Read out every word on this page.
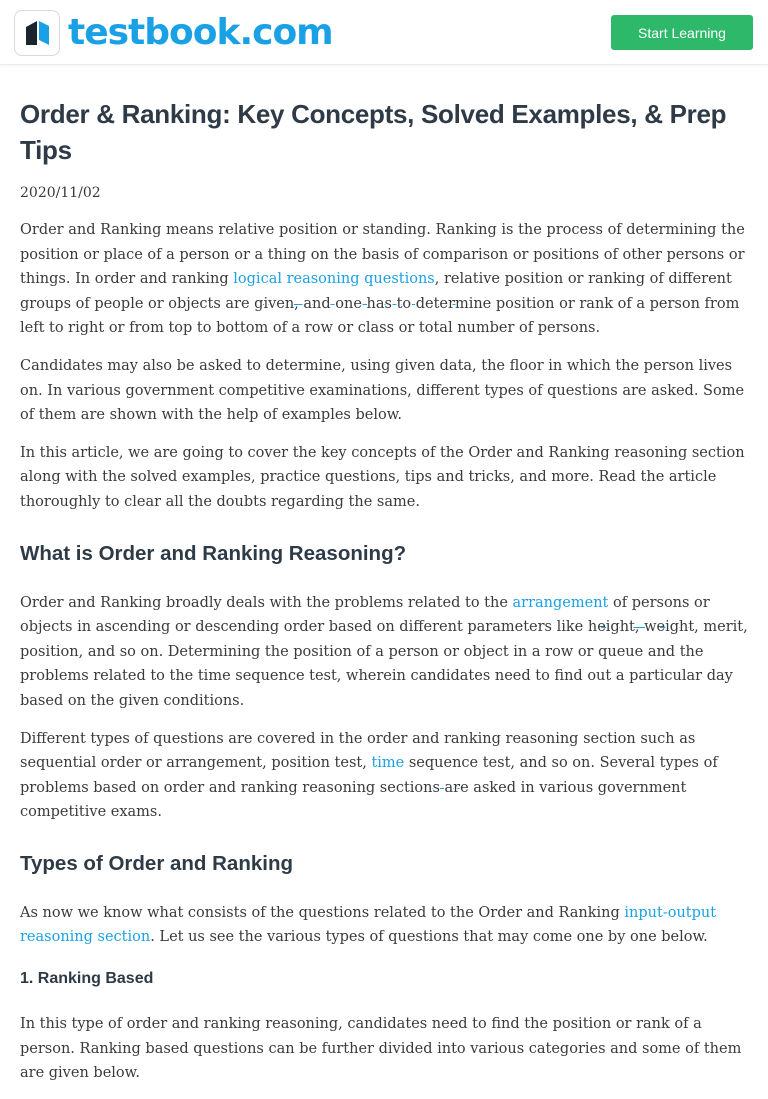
testbook.com	Start Learning
Order & Ranking: Key Concepts, Solved Examples, & Prep Tips
2020/11/02

Order and Ranking means relative position or standing. Ranking is the process of determining the position or place of a person or a thing on the basis of comparison or positions of other persons or things. In order and ranking logical reasoning questions, relative position or ranking of different groups of people or objects are given, and one has to determine position or rank of a person from left to right or from top to bottom of a row or class or total number of persons.

Candidates may also be asked to determine, using given data, the floor in which the person lives on. In various government competitive examinations, different types of questions are asked. Some of them are shown with the help of examples below.

In this article, we are going to cover the key concepts of the Order and Ranking reasoning section along with the solved examples, practice questions, tips and tricks, and more. Read the article thoroughly to clear all the doubts regarding the same.

What is Order and Ranking Reasoning?

Order and Ranking broadly deals with the problems related to the arrangement of persons or objects in ascending or descending order based on different parameters like height, weight, merit, position, and so on. Determining the position of a person or object in a row or queue and the problems related to the time sequence test, wherein candidates need to find out a particular day based on the given conditions.

Different types of questions are covered in the order and ranking reasoning section such as sequential order or arrangement, position test, time sequence test, and so on. Several types of problems based on order and ranking reasoning sections are asked in various government competitive exams.

Types of Order and Ranking

As now we know what consists of the questions related to the Order and Ranking input-output reasoning section. Let us see the various types of questions that may come one by one below.

1. Ranking Based

In this type of order and ranking reasoning, candidates need to find the position or rank of a person. Ranking based questions can be further divided into various categories and some of them are given below.
